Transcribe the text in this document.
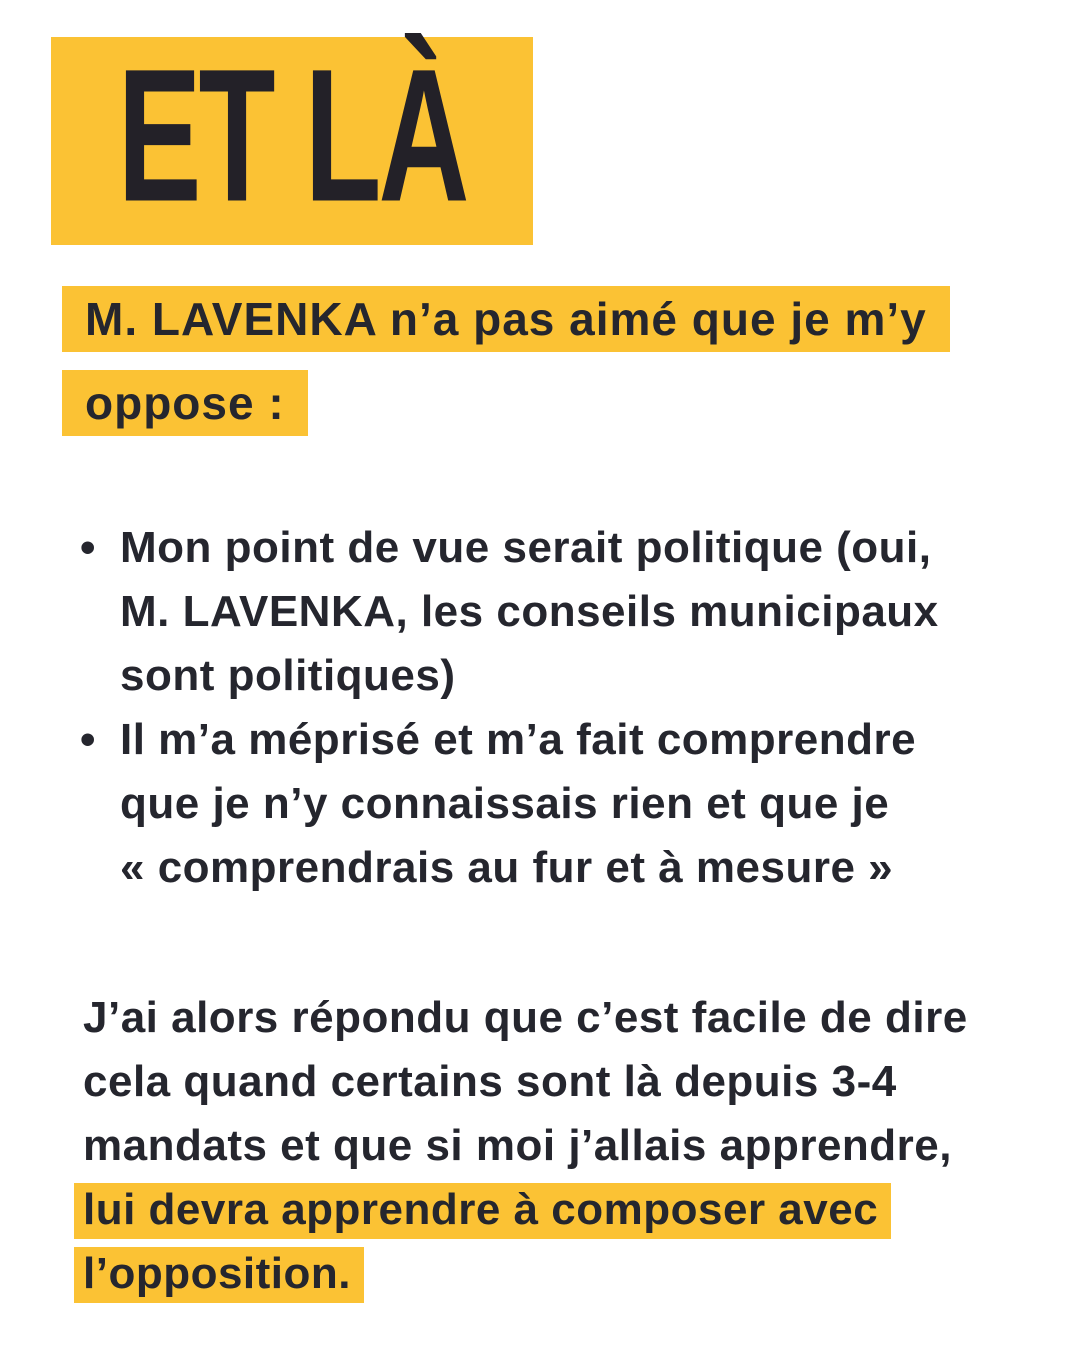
ET LÀ
M. LAVENKA n’a pas aimé que je m’y
oppose :
• Mon point de vue serait politique (oui,
M. LAVENKA, les conseils municipaux
sont politiques)
• Il m’a méprisé et m’a fait comprendre
que je n’y connaissais rien et que je
« comprendrais au fur et à mesure »
J’ai alors répondu que c’est facile de dire
cela quand certains sont là depuis 3-4
mandats et que si moi j’allais apprendre,
lui devra apprendre à composer avec
l’opposition.
